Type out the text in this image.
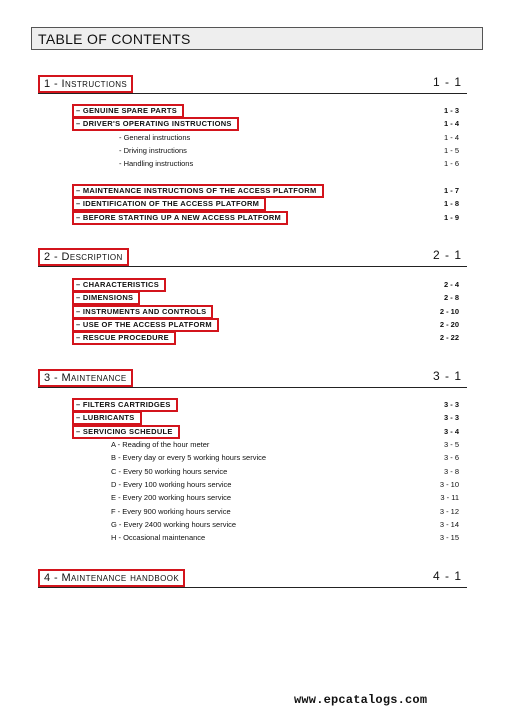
TABLE OF CONTENTS
1 - Instructions	1 - 1
– GENUINE SPARE PARTS	1 - 3
– DRIVER'S OPERATING INSTRUCTIONS	1 - 4
- General instructions	1 - 4
- Driving instructions	1 - 5
- Handling instructions	1 - 6
– MAINTENANCE INSTRUCTIONS OF THE ACCESS PLATFORM	1 - 7
– IDENTIFICATION OF THE ACCESS PLATFORM	1 - 8
– BEFORE STARTING UP A NEW ACCESS PLATFORM	1 - 9
2 - Description	2 - 1
– CHARACTERISTICS	2 - 4
– DIMENSIONS	2 - 8
– INSTRUMENTS AND CONTROLS	2 - 10
– USE OF THE ACCESS PLATFORM	2 - 20
– RESCUE PROCEDURE	2 - 22
3 - Maintenance	3 - 1
– FILTERS CARTRIDGES	3 - 3
– LUBRICANTS	3 - 3
– SERVICING SCHEDULE	3 - 4
A - Reading of the hour meter	3 - 5
B - Every day or every 5 working hours service	3 - 6
C - Every 50 working hours service	3 - 8
D - Every 100 working hours service	3 - 10
E - Every 200 working hours service	3 - 11
F - Every 900 working hours service	3 - 12
G - Every 2400 working hours service	3 - 14
H - Occasional maintenance	3 - 15
4 - Maintenance handbook	4 - 1
www.epcatalogs.com
